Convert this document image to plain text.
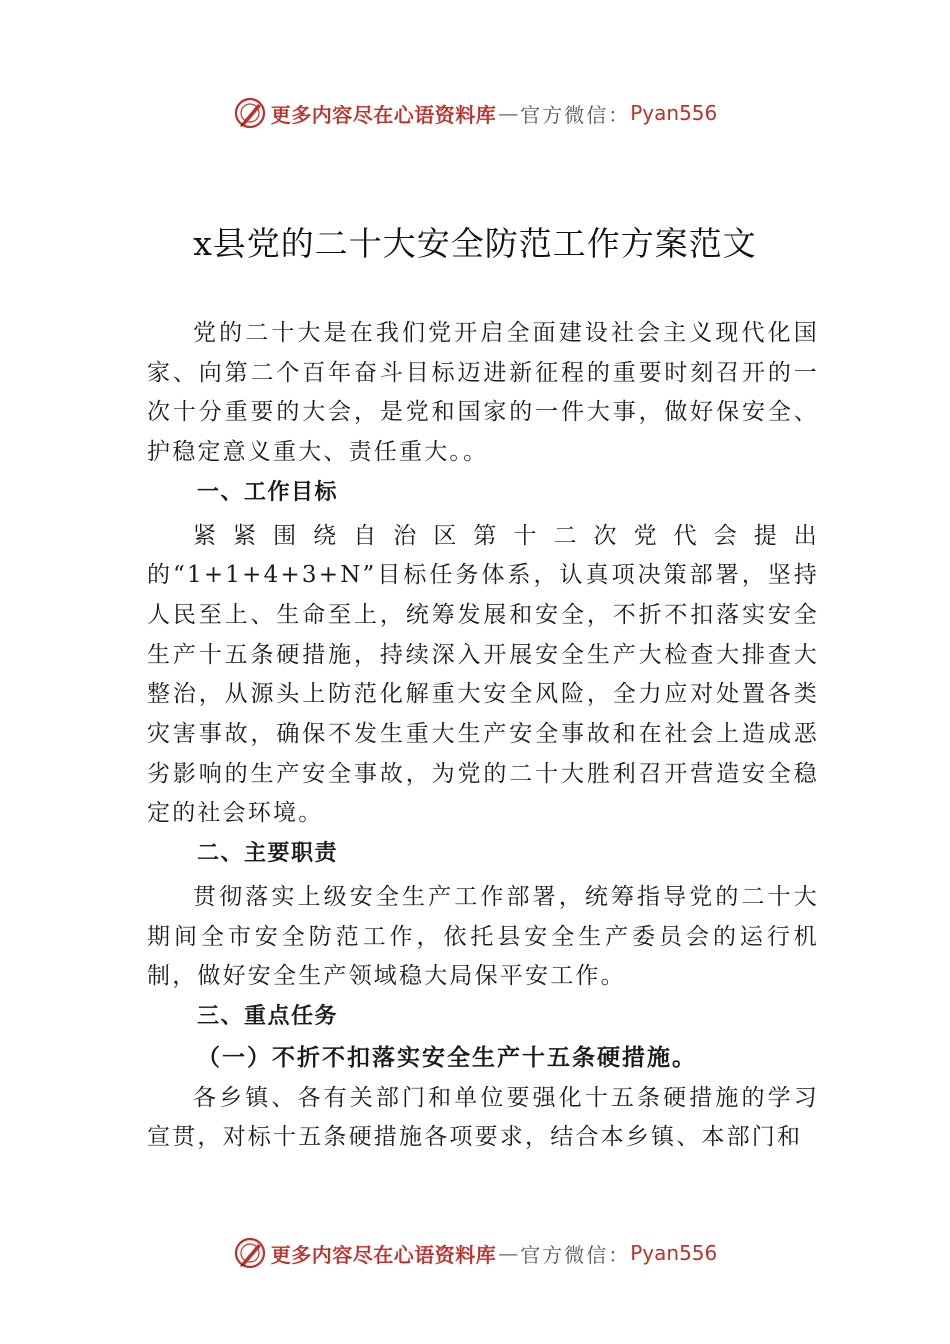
更多内容尽在心语资料库 — 官方微信： Pyan556
x县党的二十大安全防范工作方案范文

党的二十大是在我们党开启全面建设社会主义现代化国家、向第二个百年奋斗目标迈进新征程的重要时刻召开的一次十分重要的大会，是党和国家的一件大事，做好保安全、护稳定意义重大、责任重大。。

一、工作目标

紧紧围绕自治区第十二次党代会提出的“1+1+4+3+N”目标任务体系，认真项决策部署，坚持人民至上、生命至上，统筹发展和安全，不折不扣落实安全生产十五条硬措施，持续深入开展安全生产大检查大排查大整治，从源头上防范化解重大安全风险，全力应对处置各类灾害事故，确保不发生重大生产安全事故和在社会上造成恶劣影响的生产安全事故，为党的二十大胜利召开营造安全稳定的社会环境。

二、主要职责

贯彻落实上级安全生产工作部署，统筹指导党的二十大期间全市安全防范工作，依托县安全生产委员会的运行机制，做好安全生产领域稳大局保平安工作。

三、重点任务
（一）不折不扣落实安全生产十五条硬措施。

各乡镇、各有关部门和单位要强化十五条硬措施的学习宣贯，对标十五条硬措施各项要求，结合本乡镇、本部门和

更多内容尽在心语资料库 — 官方微信： Pyan556
